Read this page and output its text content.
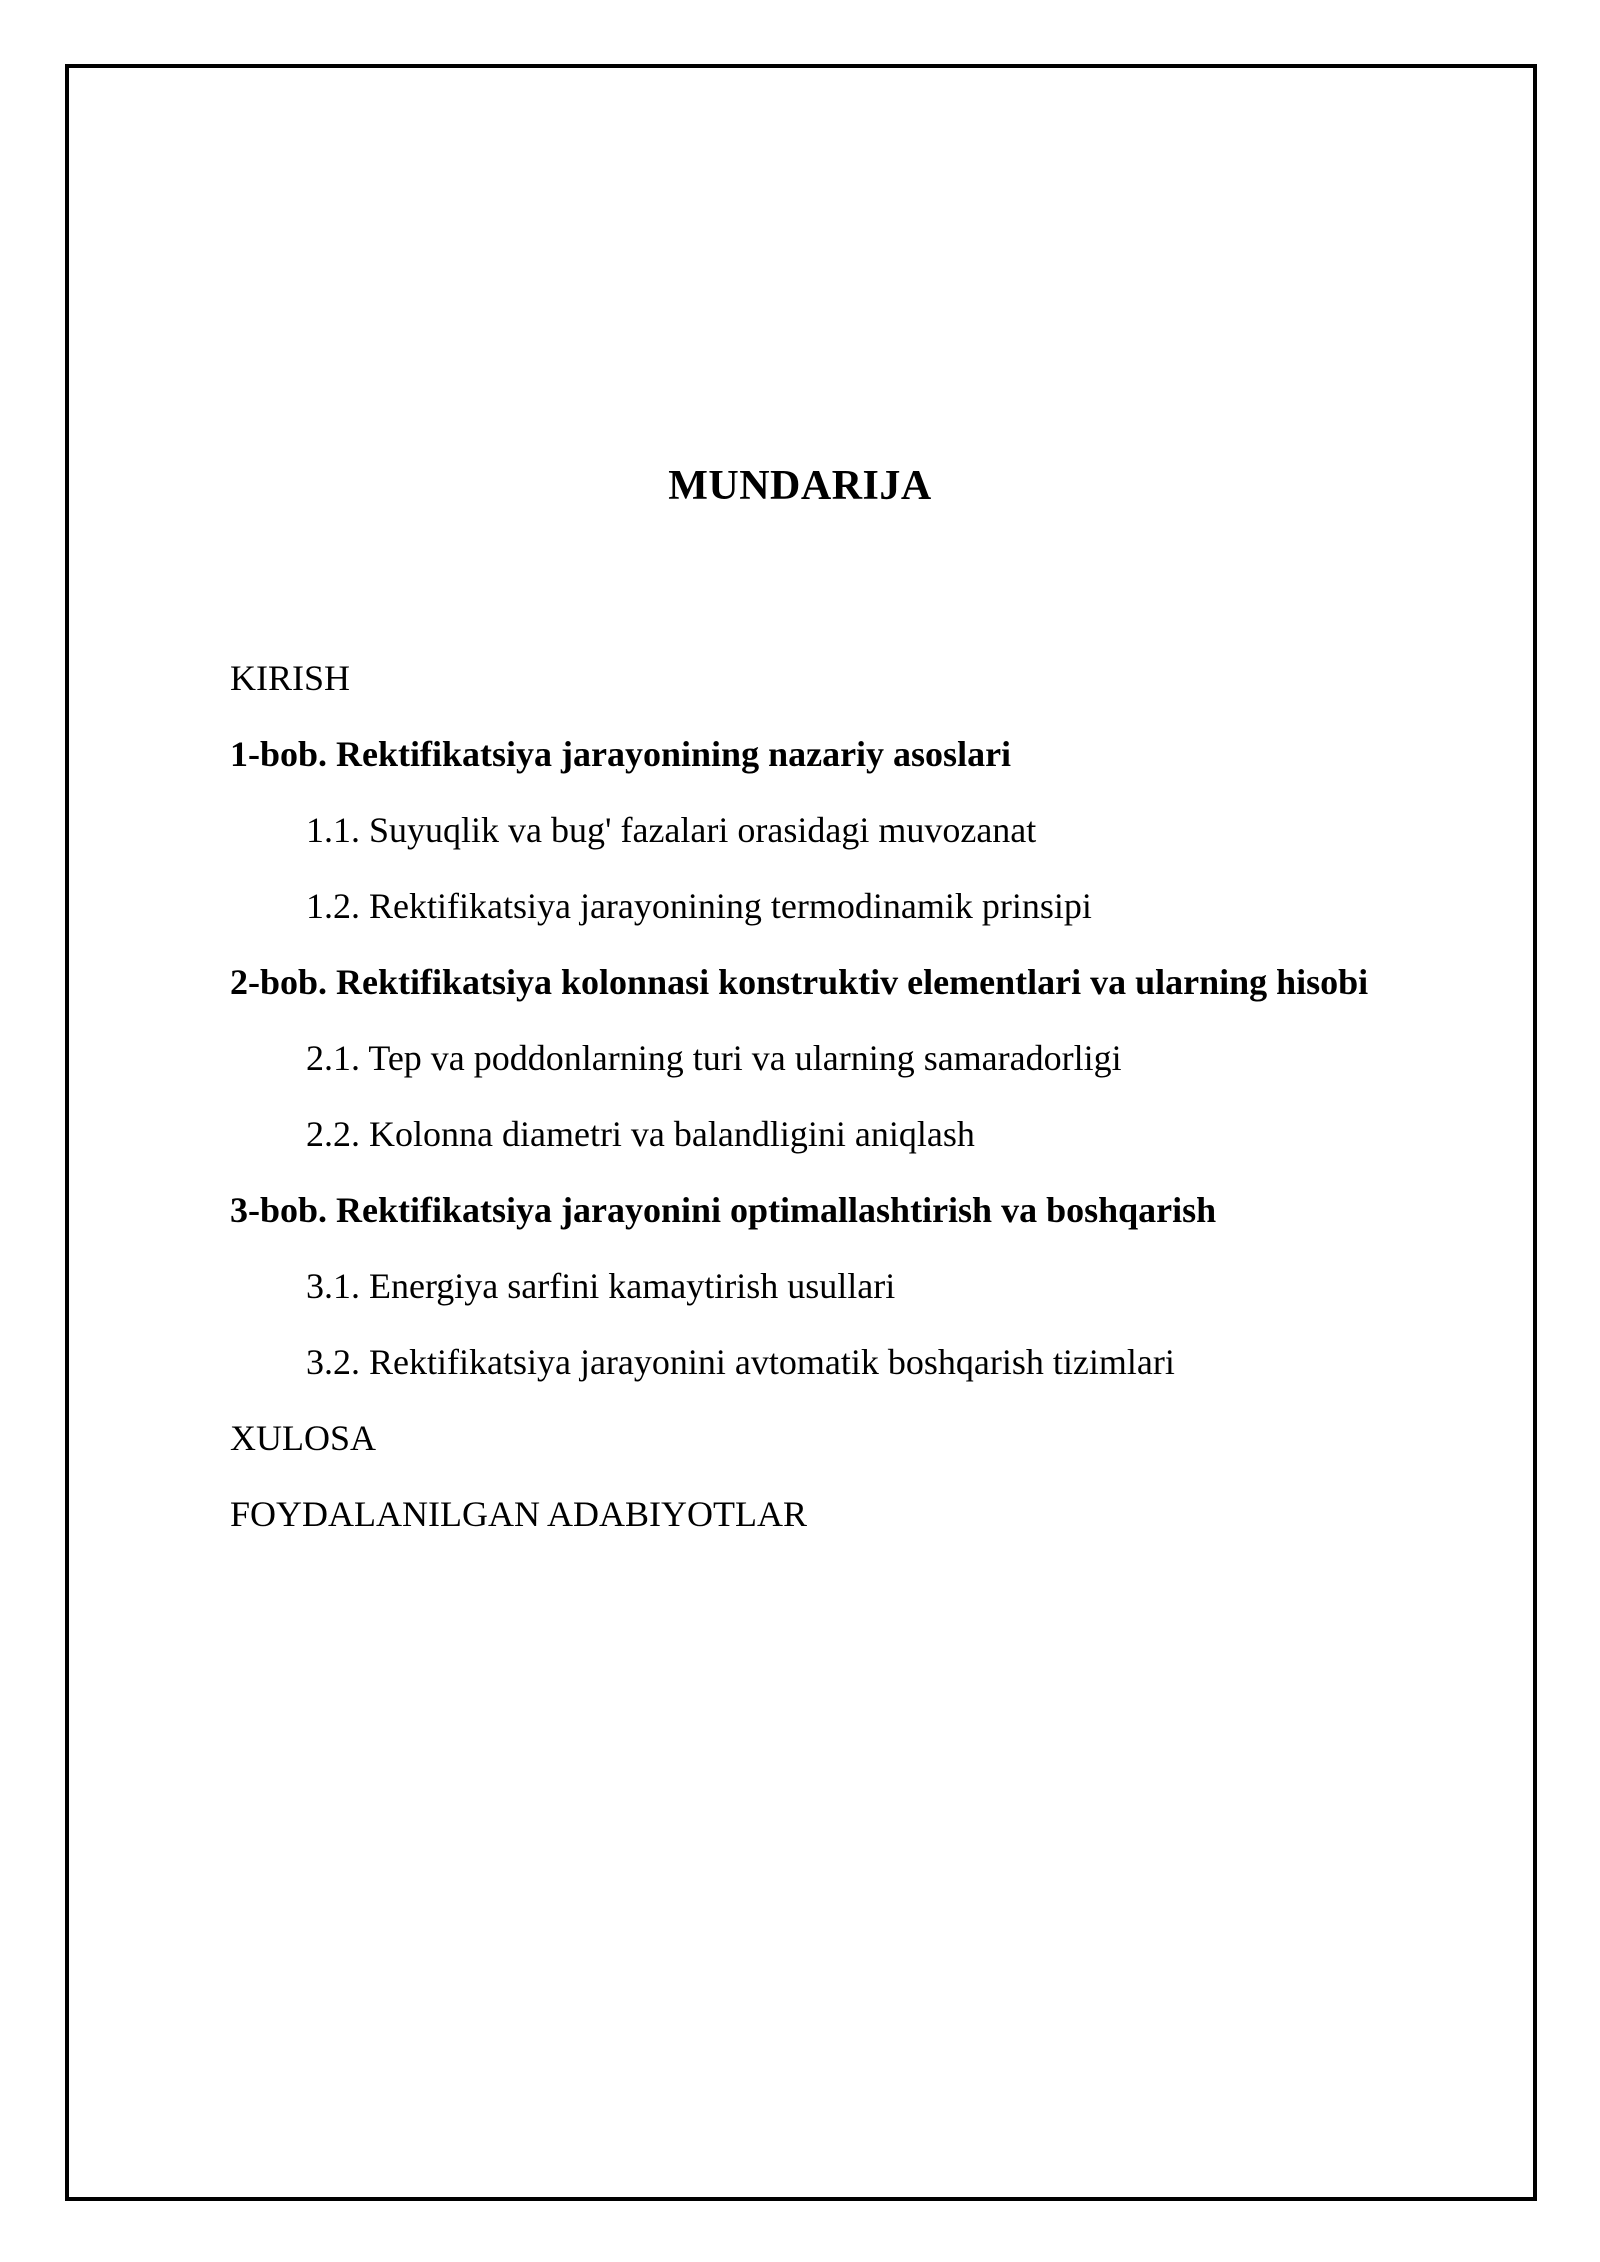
MUNDARIJA
KIRISH
1-bob. Rektifikatsiya jarayonining nazariy asoslari
1.1. Suyuqlik va bug' fazalari orasidagi muvozanat
1.2. Rektifikatsiya jarayonining termodinamik prinsipi
2-bob. Rektifikatsiya kolonnasi konstruktiv elementlari va ularning hisobi
2.1. Tep va poddonlarning turi va ularning samaradorligi
2.2. Kolonna diametri va balandligini aniqlash
3-bob. Rektifikatsiya jarayonini optimallashtirish va boshqarish
3.1. Energiya sarfini kamaytirish usullari
3.2. Rektifikatsiya jarayonini avtomatik boshqarish tizimlari
XULOSA
FOYDALANILGAN ADABIYOTLAR
